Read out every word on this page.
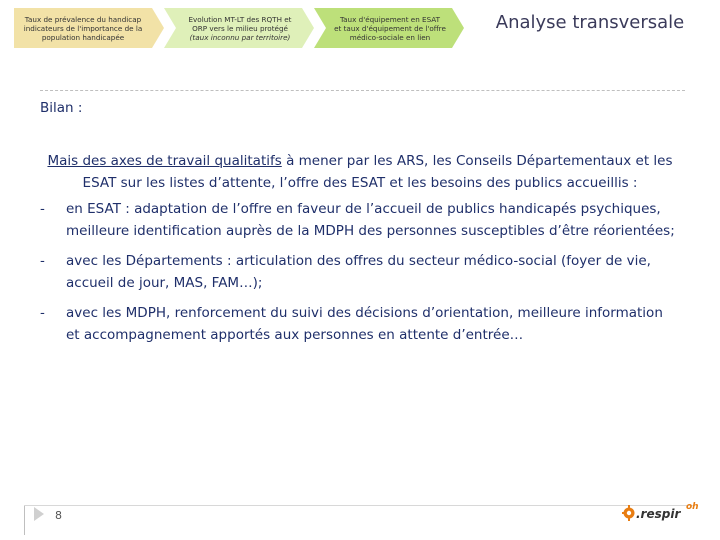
Taux de prévalence du handicap
indicateurs de l'importance de la
population handicapée
Evolution MT-LT des RQTH et
ORP vers le milieu protégé
(taux inconnu par territoire)
Taux d'équipement en ESAT
et taux d'équipement de l'offre
médico-sociale en lien
Analyse transversale
Bilan :

Mais des axes de travail qualitatifs à mener par les ARS, les Conseils Départementaux et les ESAT sur les listes d’attente, l’offre des ESAT et les besoins des publics accueillis :

- en ESAT : adaptation de l’offre en faveur de l’accueil de publics handicapés psychiques, meilleure identification auprès de la MDPH des personnes susceptibles d’être réorientées;
- avec les Départements : articulation des offres du secteur médico-social (foyer de vie, accueil de jour, MAS, FAM…);
- avec les MDPH, renforcement du suivi des décisions d’orientation, meilleure information et accompagnement apportés aux personnes en attente d’entrée…
8	.respir oh
